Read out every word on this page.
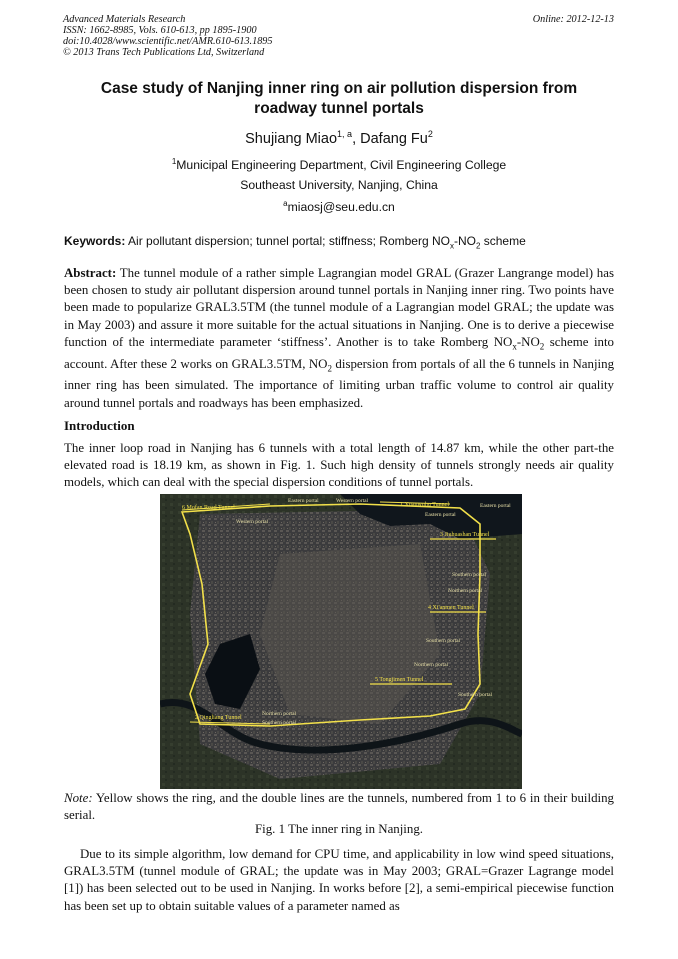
Advanced Materials Research
ISSN: 1662-8985, Vols. 610-613, pp 1895-1900
doi:10.4028/www.scientific.net/AMR.610-613.1895
© 2013 Trans Tech Publications Ltd, Switzerland
Online: 2012-12-13
Case study of Nanjing inner ring on air pollution dispersion from
roadway tunnel portals
Shujiang Miao$^{1, a}$, Dafang Fu$^2$
$^1$Municipal Engineering Department, Civil Engineering College
Southeast University, Nanjing, China
$^a$miaosj@seu.edu.cn
Keywords: Air pollutant dispersion; tunnel portal; stiffness; Romberg $NO_x-NO_2$ scheme
Abstract: The tunnel module of a rather simple Lagrangian model GRAL (Grazer Langrange model) has been chosen to study air pollutant dispersion around tunnel portals in Nanjing inner ring. Two points have been made to popularize GRAL3.5TM (the tunnel module of a Lagrangian model GRAL; the update was in May 2003) and assure it more suitable for the actual situations in Nanjing. One is to derive a piecewise function of the intermediate parameter ‘stiffness’. Another is to take Romberg $NO_x-NO_2$ scheme into account. After these 2 works on GRAL3.5TM, $NO_2$ dispersion from portals of all the 6 tunnels in Nanjing inner ring has been simulated. The importance of limiting urban traffic volume to control air quality around tunnel portals and roadways has been emphasized.
Introduction
The inner loop road in Nanjing has 6 tunnels with a total length of 14.87 km, while the other part-the elevated road is 18.19 km, as shown in Fig. 1. Such high density of tunnels strongly needs air quality models, which can deal with the special dispersion conditions of tunnel portals.
6 Mofan Road Tunnel	1 Xuanwuhu Tunnel
3 Jiuhuashan Tunnel
4 Xi'anmen Tunnel
5 Tongjimen Tunnel
2 Qingliang Tunnel
Eastern portal	Western portal
Eastern portal
Eastern portal
Western portal
Southern portal
Northern portal
Southern portal
Northern portal
Southern portal
Northern portal
Southern portal
Note: Yellow shows the ring, and the double lines are the tunnels, numbered from 1 to 6 in their building serial.
Fig. 1 The inner ring in Nanjing.
Due to its simple algorithm, low demand for CPU time, and applicability in low wind speed situations, GRAL3.5TM (tunnel module of GRAL; the update was in May 2003; GRAL=Grazer Lagrange model [1]) has been selected out to be used in Nanjing. In works before [2], a semi-empirical piecewise function has been set up to obtain suitable values of a parameter named as
